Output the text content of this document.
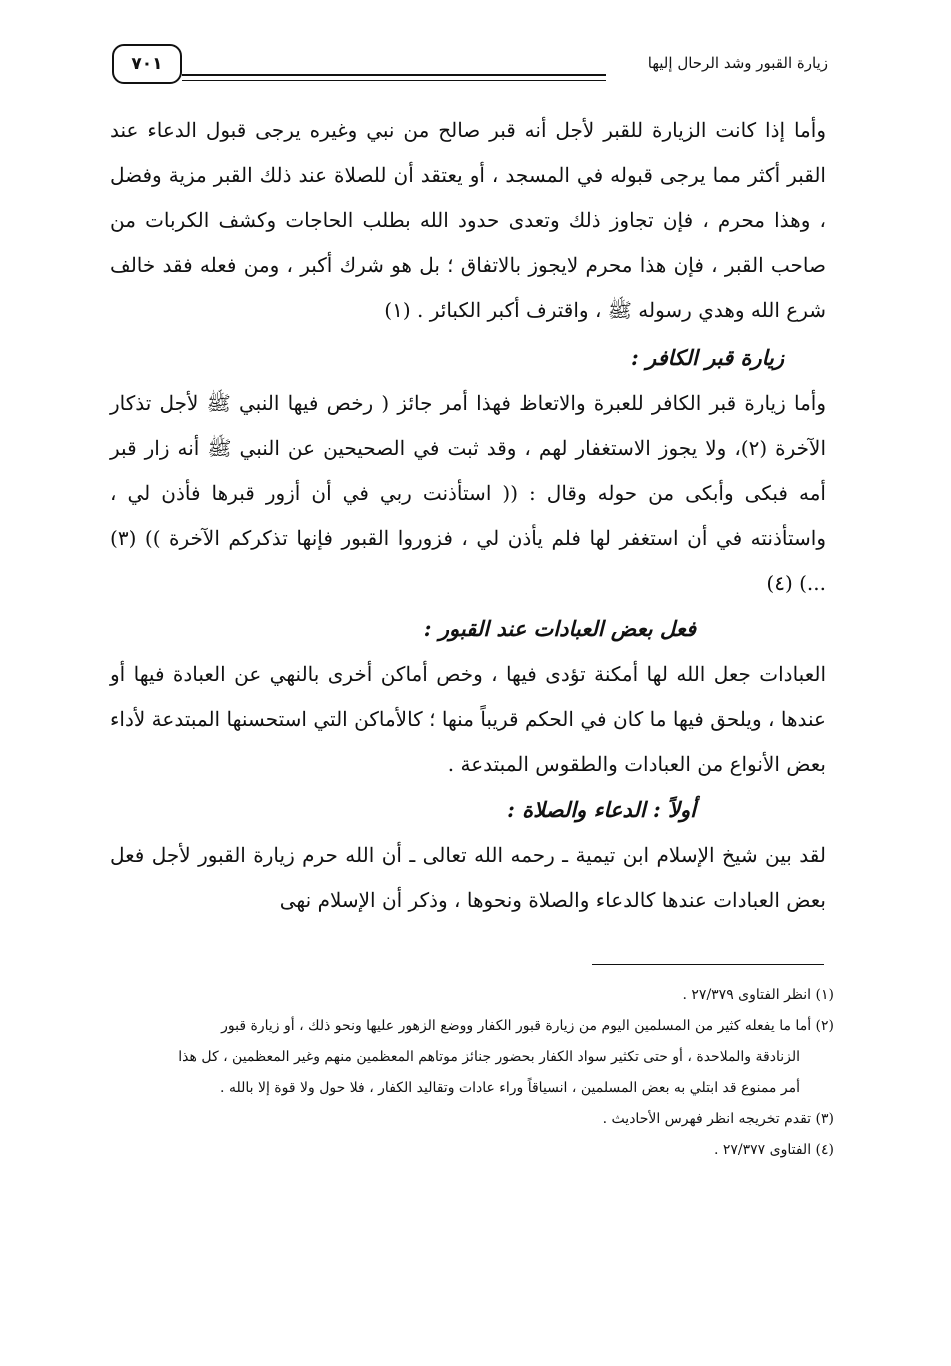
٧٠١	زيارة القبور وشد الرحال إليها

وأما إذا كانت الزيارة للقبر لأجل أنه قبر صالح من نبي وغيره يرجى قبول الدعاء عند القبر أكثر مما يرجى قبوله في المسجد ، أو يعتقد أن للصلاة عند ذلك القبر مزية وفضل ، وهذا محرم ، فإن تجاوز ذلك وتعدى حدود الله بطلب الحاجات وكشف الكربات من صاحب القبر ، فإن هذا محرم لايجوز بالاتفاق ؛ بل هو شرك أكبر ، ومن فعله فقد خالف شرع الله وهدي رسوله ﷺ ، واقترف أكبر الكبائر . (١)

زيارة قبر الكافر :

وأما زيارة قبر الكافر للعبرة والاتعاظ فهذا أمر جائز ( رخص فيها النبي ﷺ لأجل تذكار الآخرة (٢)، ولا يجوز الاستغفار لهم ، وقد ثبت في الصحيحين عن النبي ﷺ أنه زار قبر أمه فبكى وأبكى من حوله وقال : (( استأذنت ربي في أن أزور قبرها فأذن لي ، واستأذنته في أن استغفر لها فلم يأذن لي ، فزوروا القبور فإنها تذكركم الآخرة )) (٣) ...) (٤)

فعل بعض العبادات عند القبور :

العبادات جعل الله لها أمكنة تؤدى فيها ، وخص أماكن أخرى بالنهي عن العبادة فيها أو عندها ، ويلحق فيها ما كان في الحكم قريباً منها ؛ كالأماكن التي استحسنها المبتدعة لأداء بعض الأنواع من العبادات والطقوس المبتدعة .

أولاً : الدعاء والصلاة :

لقد بين شيخ الإسلام ابن تيمية ـ رحمه الله تعالى ـ أن الله حرم زيارة القبور لأجل فعل بعض العبادات عندها كالدعاء والصلاة ونحوها ، وذكر أن الإسلام نهى

(١) انظر الفتاوى ٢٧/٣٧٩ .

(٢) أما ما يفعله كثير من المسلمين اليوم من زيارة قبور الكفار ووضع الزهور عليها ونحو ذلك ، أو زيارة قبور

الزنادقة والملاحدة ، أو حتى تكثير سواد الكفار بحضور جنائز موتاهم المعظمين منهم وغير المعظمين ، كل هذا

أمر ممنوع قد ابتلي به بعض المسلمين ، انسياقاً وراء عادات وتقاليد الكفار ، فلا حول ولا قوة إلا بالله .

(٣) تقدم تخريجه انظر فهرس الأحاديث .

(٤) الفتاوى ٢٧/٣٧٧ .
